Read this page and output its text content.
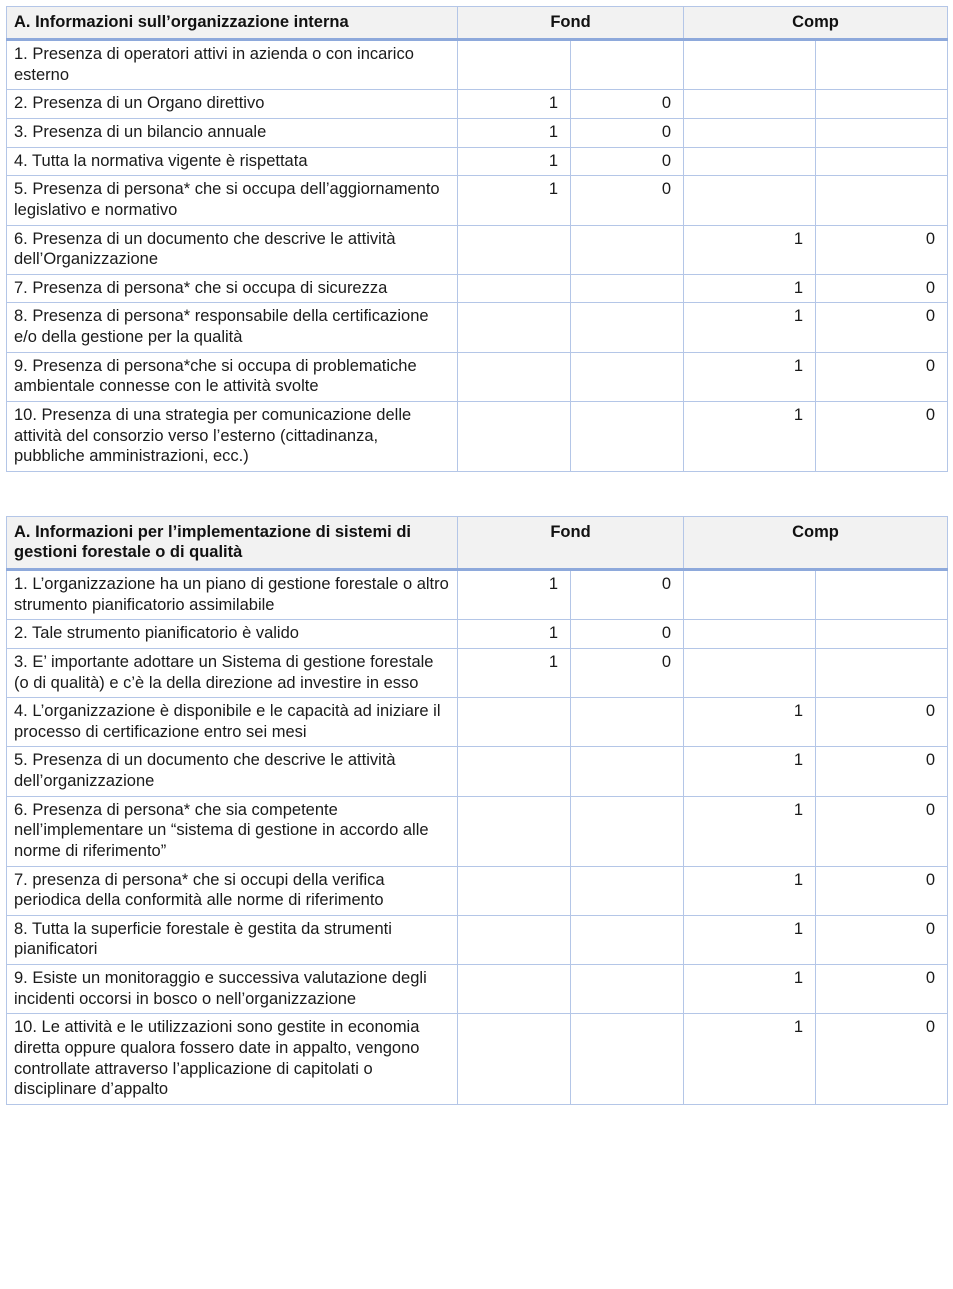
A. Informazioni sull’organizzazione interna	Fond		Comp	
1. Presenza di operatori attivi in azienda o con incarico esterno				
2. Presenza di un Organo direttivo	1	0		
3. Presenza di un bilancio annuale	1	0		
4. Tutta la normativa vigente è rispettata	1	0		
5. Presenza di persona* che si occupa dell’aggiornamento legislativo e normativo	1	0		
6. Presenza di un documento che descrive le attività dell’Organizzazione			1	0
7. Presenza di persona* che si occupa di sicurezza			1	0
8. Presenza di persona* responsabile della certificazione e/o della gestione per la qualità			1	0
9. Presenza di persona*che si occupa di problematiche ambientale connesse con le attività svolte			1	0
10. Presenza di una strategia per comunicazione delle attività del consorzio verso l’esterno (cittadinanza, pubbliche amministrazioni, ecc.)			1	0
A. Informazioni per l’implementazione di sistemi di gestioni forestale o di qualità	Fond		Comp	
1. L’organizzazione ha un piano di gestione forestale o altro strumento pianificatorio assimilabile	1	0		
2. Tale strumento pianificatorio è valido	1	0		
3. E’ importante adottare un Sistema di gestione forestale (o di qualità) e c’è la della direzione ad investire in esso	1	0		
4. L’organizzazione è disponibile e le capacità ad iniziare il processo di certificazione entro sei mesi			1	0
5. Presenza di un documento che descrive le attività dell’organizzazione			1	0
6. Presenza di persona* che sia competente nell’implementare un “sistema di gestione in accordo alle norme di riferimento”			1	0
7. presenza di persona* che si occupi della verifica periodica della conformità alle norme di riferimento			1	0
8. Tutta la superficie forestale è gestita da strumenti pianificatori			1	0
9. Esiste un monitoraggio e successiva valutazione degli incidenti occorsi in bosco o nell’organizzazione			1	0
10. Le attività e le utilizzazioni sono gestite in economia diretta oppure qualora fossero date in appalto, vengono controllate attraverso l’applicazione di capitolati o disciplinare d’appalto			1	0
